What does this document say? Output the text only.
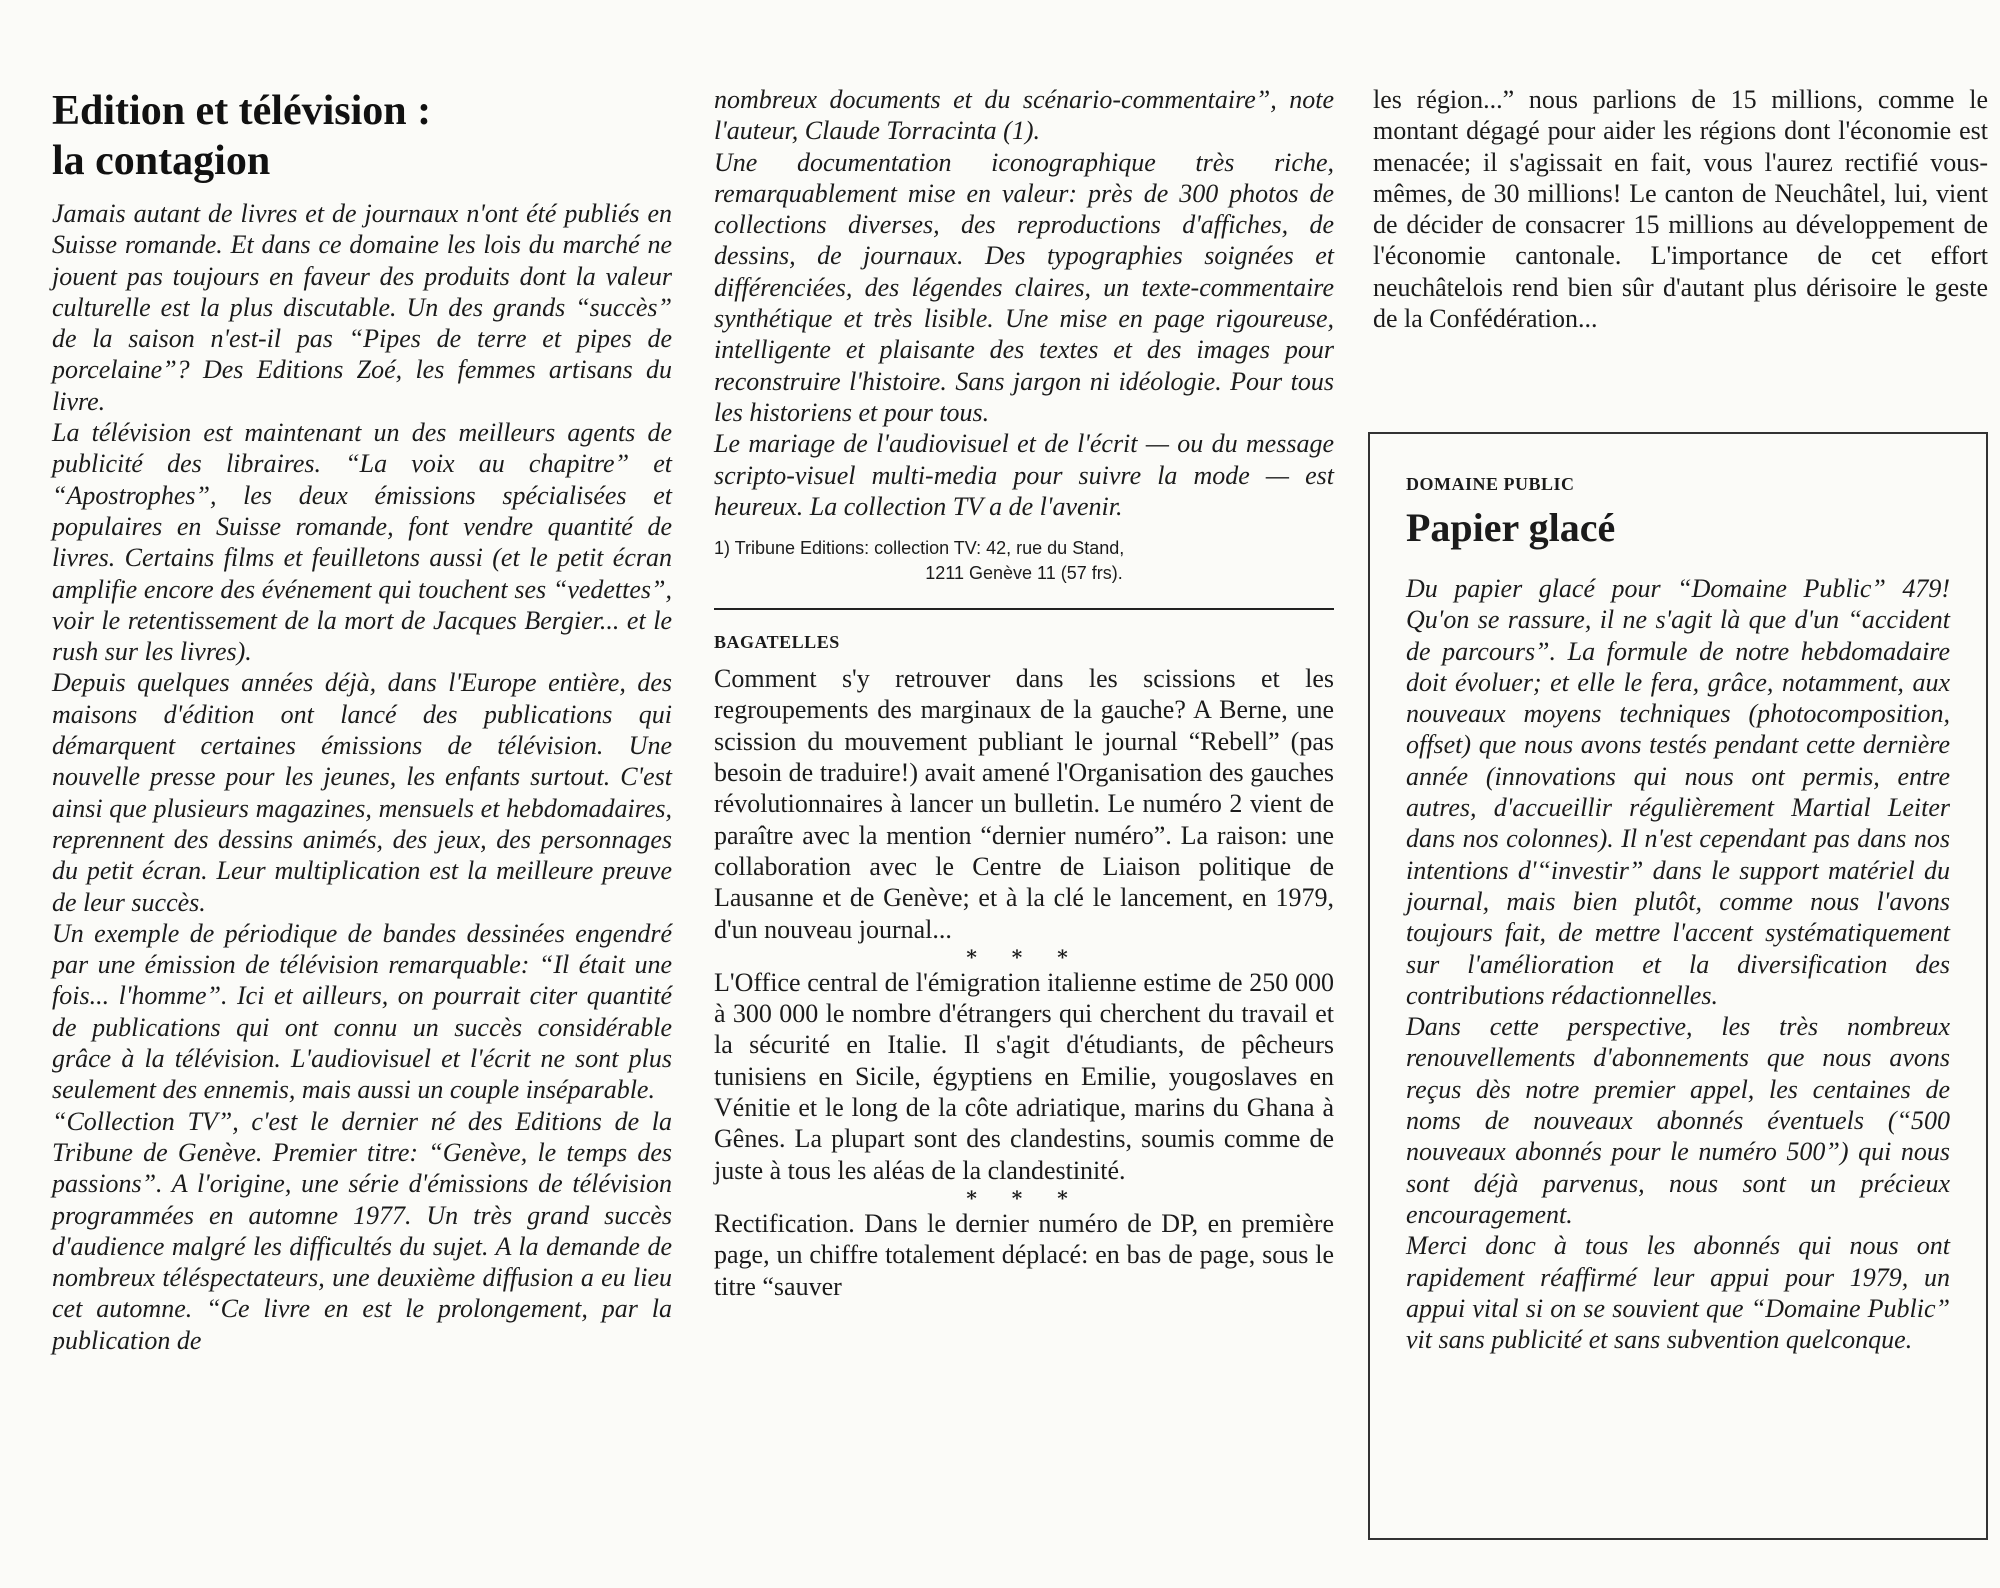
Edition et télévision :
la contagion

Jamais autant de livres et de journaux n'ont été publiés en Suisse romande. Et dans ce domaine les lois du marché ne jouent pas toujours en faveur des produits dont la valeur culturelle est la plus discutable. Un des grands “succès” de la saison n'est-il pas “Pipes de terre et pipes de porcelaine”? Des Editions Zoé, les femmes artisans du livre.

La télévision est maintenant un des meilleurs agents de publicité des libraires. “La voix au chapitre” et “Apostrophes”, les deux émissions spécialisées et populaires en Suisse romande, font vendre quantité de livres. Certains films et feuilletons aussi (et le petit écran amplifie encore des événement qui touchent ses “vedettes”, voir le retentissement de la mort de Jacques Bergier... et le rush sur les livres).

Depuis quelques années déjà, dans l'Europe entière, des maisons d'édition ont lancé des publications qui démarquent certaines émissions de télévision. Une nouvelle presse pour les jeunes, les enfants surtout. C'est ainsi que plusieurs magazines, mensuels et hebdomadaires, reprennent des dessins animés, des jeux, des personnages du petit écran. Leur multiplication est la meilleure preuve de leur succès.

Un exemple de périodique de bandes dessinées engendré par une émission de télévision remarquable: “Il était une fois... l'homme”. Ici et ailleurs, on pourrait citer quantité de publications qui ont connu un succès considérable grâce à la télévision. L'audiovisuel et l'écrit ne sont plus seulement des ennemis, mais aussi un couple inséparable.

“Collection TV”, c'est le dernier né des Editions de la Tribune de Genève. Premier titre: “Genève, le temps des passions”. A l'origine, une série d'émissions de télévision programmées en automne 1977. Un très grand succès d'audience malgré les difficultés du sujet. A la demande de nombreux téléspectateurs, une deuxième diffusion a eu lieu cet automne. “Ce livre en est le prolongement, par la publication de

nombreux documents et du scénario-commentaire”, note l'auteur, Claude Torracinta (1).

Une documentation iconographique très riche, remarquablement mise en valeur: près de 300 photos de collections diverses, des reproductions d'affiches, de dessins, de journaux. Des typographies soignées et différenciées, des légendes claires, un texte-commentaire synthétique et très lisible. Une mise en page rigoureuse, intelligente et plaisante des textes et des images pour reconstruire l'histoire. Sans jargon ni idéologie. Pour tous les historiens et pour tous.

Le mariage de l'audiovisuel et de l'écrit — ou du message scripto-visuel multi-media pour suivre la mode — est heureux. La collection TV a de l'avenir.

1) Tribune Editions: collection TV: 42, rue du Stand,
1211 Genève 11 (57 frs).

BAGATELLES

Comment s'y retrouver dans les scissions et les regroupements des marginaux de la gauche? A Berne, une scission du mouvement publiant le journal “Rebell” (pas besoin de traduire!) avait amené l'Organisation des gauches révolutionnaires à lancer un bulletin. Le numéro 2 vient de paraître avec la mention “dernier numéro”. La raison: une collaboration avec le Centre de Liaison politique de Lausanne et de Genève; et à la clé le lancement, en 1979, d'un nouveau journal...

* * *

L'Office central de l'émigration italienne estime de 250 000 à 300 000 le nombre d'étrangers qui cherchent du travail et la sécurité en Italie. Il s'agit d'étudiants, de pêcheurs tunisiens en Sicile, égyptiens en Emilie, yougoslaves en Vénitie et le long de la côte adriatique, marins du Ghana à Gênes. La plupart sont des clandestins, soumis comme de juste à tous les aléas de la clandestinité.

* * *

Rectification. Dans le dernier numéro de DP, en première page, un chiffre totalement déplacé: en bas de page, sous le titre “sauver

les région...” nous parlions de 15 millions, comme le montant dégagé pour aider les régions dont l'économie est menacée; il s'agissait en fait, vous l'aurez rectifié vous-mêmes, de 30 millions! Le canton de Neuchâtel, lui, vient de décider de consacrer 15 millions au développement de l'économie cantonale. L'importance de cet effort neuchâtelois rend bien sûr d'autant plus dérisoire le geste de la Confédération...

DOMAINE PUBLIC
Papier glacé

Du papier glacé pour “Domaine Public” 479! Qu'on se rassure, il ne s'agit là que d'un “accident de parcours”. La formule de notre hebdomadaire doit évoluer; et elle le fera, grâce, notamment, aux nouveaux moyens techniques (photocomposition, offset) que nous avons testés pendant cette dernière année (innovations qui nous ont permis, entre autres, d'accueillir régulièrement Martial Leiter dans nos colonnes). Il n'est cependant pas dans nos intentions d'“investir” dans le support matériel du journal, mais bien plutôt, comme nous l'avons toujours fait, de mettre l'accent systématiquement sur l'amélioration et la diversification des contributions rédactionnelles.

Dans cette perspective, les très nombreux renouvellements d'abonnements que nous avons reçus dès notre premier appel, les centaines de noms de nouveaux abonnés éventuels (“500 nouveaux abonnés pour le numéro 500”) qui nous sont déjà parvenus, nous sont un précieux encouragement.

Merci donc à tous les abonnés qui nous ont rapidement réaffirmé leur appui pour 1979, un appui vital si on se souvient que “Domaine Public” vit sans publicité et sans subvention quelconque.
